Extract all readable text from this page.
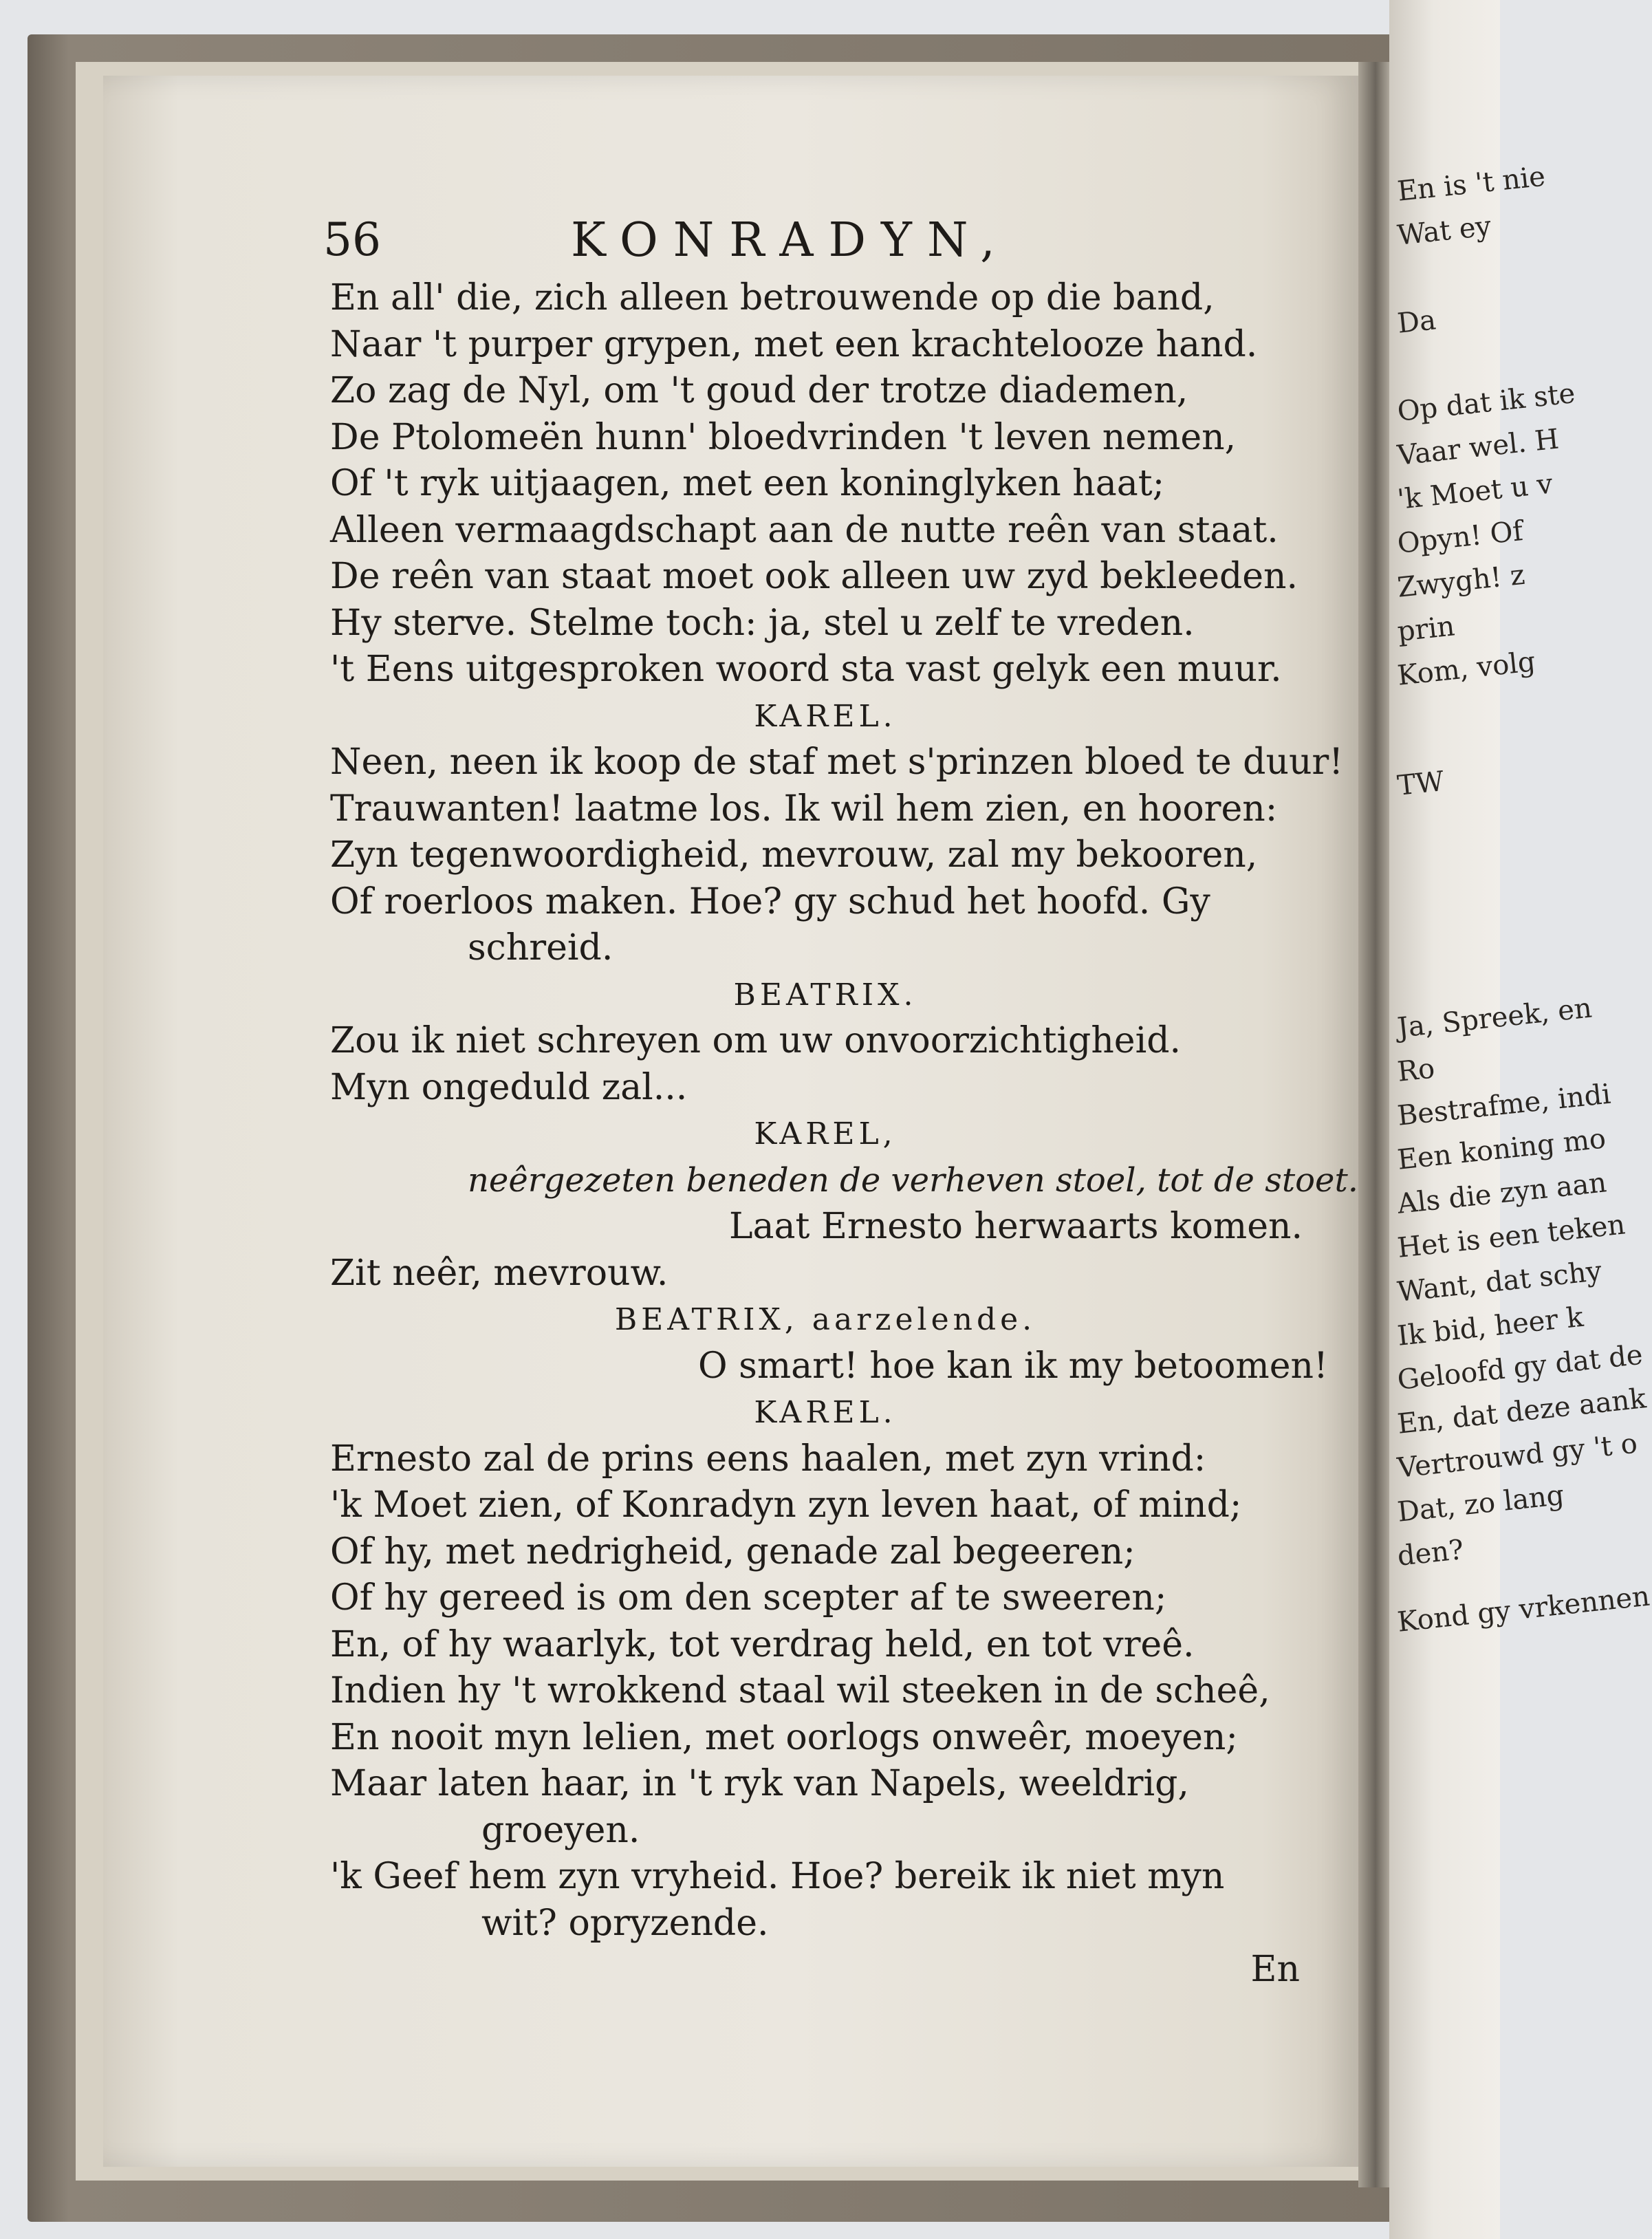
En is 't nie
Wat ey
Da
Op dat ik ste
Vaar wel. H
'k Moet u v
Opyn! Of
Zwygh! z
prin
Kom, volg
TW
Ja, Spreek, en
Ro
Bestrafme, indi
Een koning mo
Als die zyn aan
Het is een teken
Want, dat schy
Ik bid, heer k
Geloofd gy dat de
En, dat deze aank
Vertrouwd gy 't o
Dat, zo lang
den?
Kond gy vrkennen
56	KONRADYN,
En all' die, zich alleen betrouwende op die band,
Naar 't purper grypen, met een krachtelooze hand.
Zo zag de Nyl, om 't goud der trotze diademen,
De Ptolomeën hunn' bloedvrinden 't leven nemen,
Of 't ryk uitjaagen, met een koninglyken haat;
Alleen vermaagdschapt aan de nutte reên van staat.
De reên van staat moet ook alleen uw zyd bekleeden.
Hy sterve. Stelme toch: ja, stel u zelf te vreden.
't Eens uitgesproken woord sta vast gelyk een muur.
KAREL.
Neen, neen ik koop de staf met s'prinzen bloed te duur!
Trauwanten! laatme los. Ik wil hem zien, en hooren:
Zyn tegenwoordigheid, mevrouw, zal my bekooren,
Of roerloos maken. Hoe? gy schud het hoofd. Gy
schreid.
BEATRIX.
Zou ik niet schreyen om uw onvoorzichtigheid.
Myn ongeduld zal...
KAREL,
neêrgezeten beneden de verheven stoel, tot de stoet.
Laat Ernesto herwaarts komen.
Zit neêr, mevrouw.
BEATRIX, aarzelende.
O smart! hoe kan ik my betoomen!
KAREL.
Ernesto zal de prins eens haalen, met zyn vrind:
'k Moet zien, of Konradyn zyn leven haat, of mind;
Of hy, met nedrigheid, genade zal begeeren;
Of hy gereed is om den scepter af te sweeren;
En, of hy waarlyk, tot verdrag held, en tot vreê.
Indien hy 't wrokkend staal wil steeken in de scheê,
En nooit myn lelien, met oorlogs onweêr, moeyen;
Maar laten haar, in 't ryk van Napels, weeldrig,
groeyen.
'k Geef hem zyn vryheid. Hoe? bereik ik niet myn
wit? opryzende.
En
